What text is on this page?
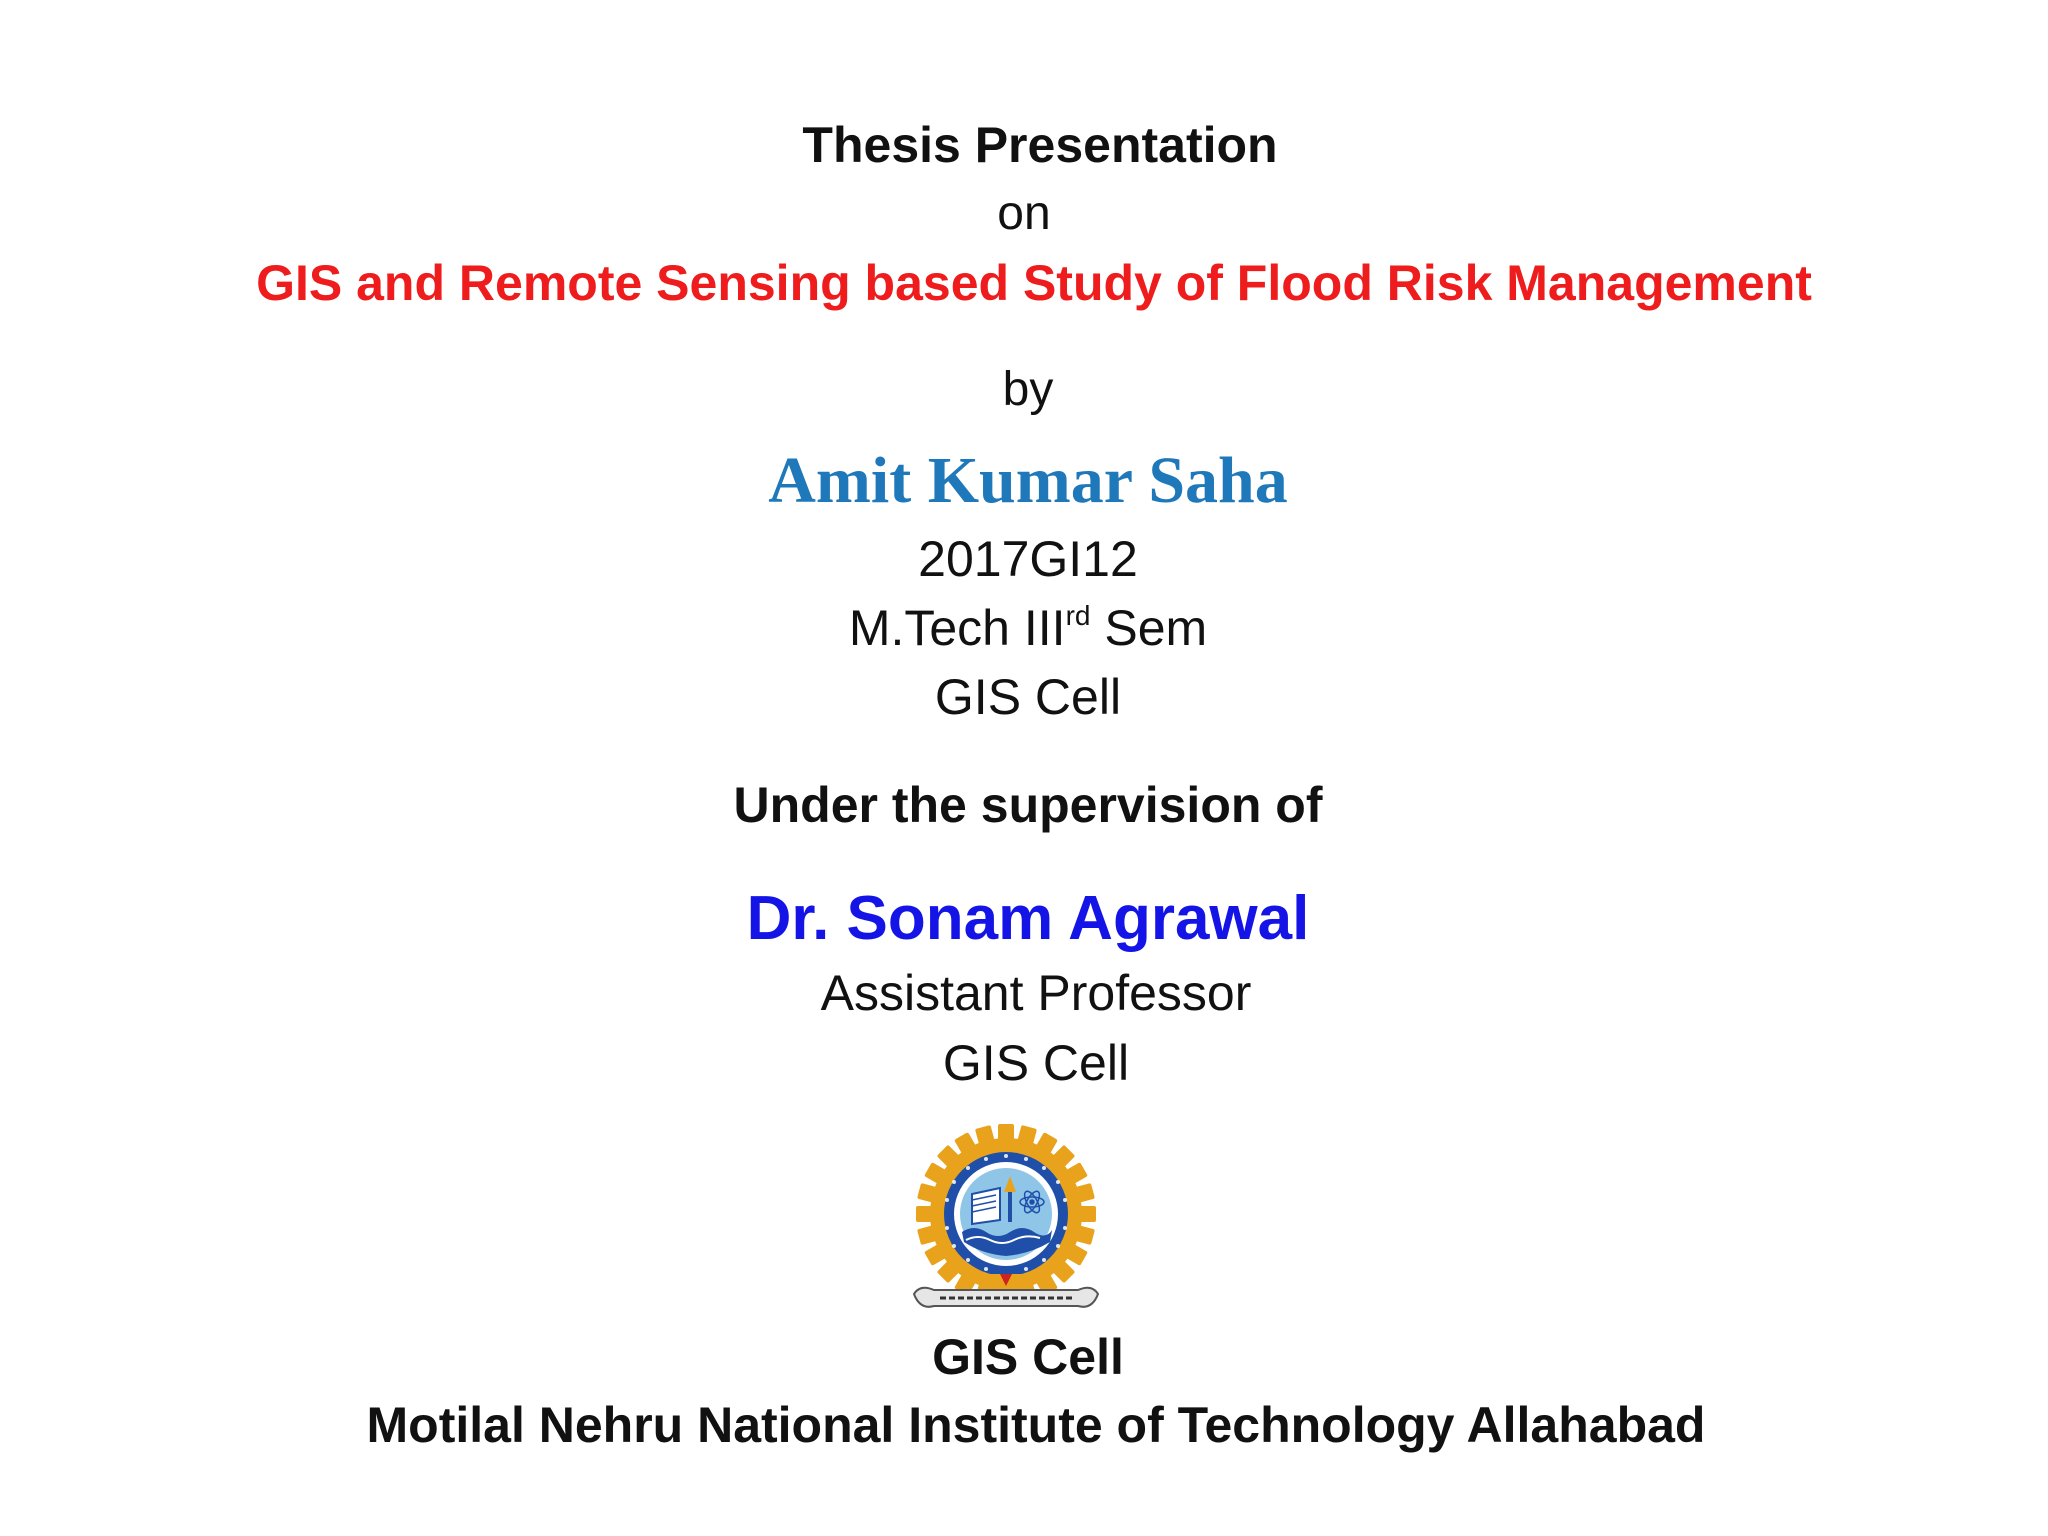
Thesis Presentation
on
GIS and Remote Sensing based Study of Flood Risk Management
by
Amit Kumar Saha
2017GI12
M.Tech IIIrd Sem
GIS Cell
Under the supervision of
Dr. Sonam Agrawal
Assistant Professor
GIS Cell
GIS Cell
Motilal Nehru National Institute of Technology Allahabad
